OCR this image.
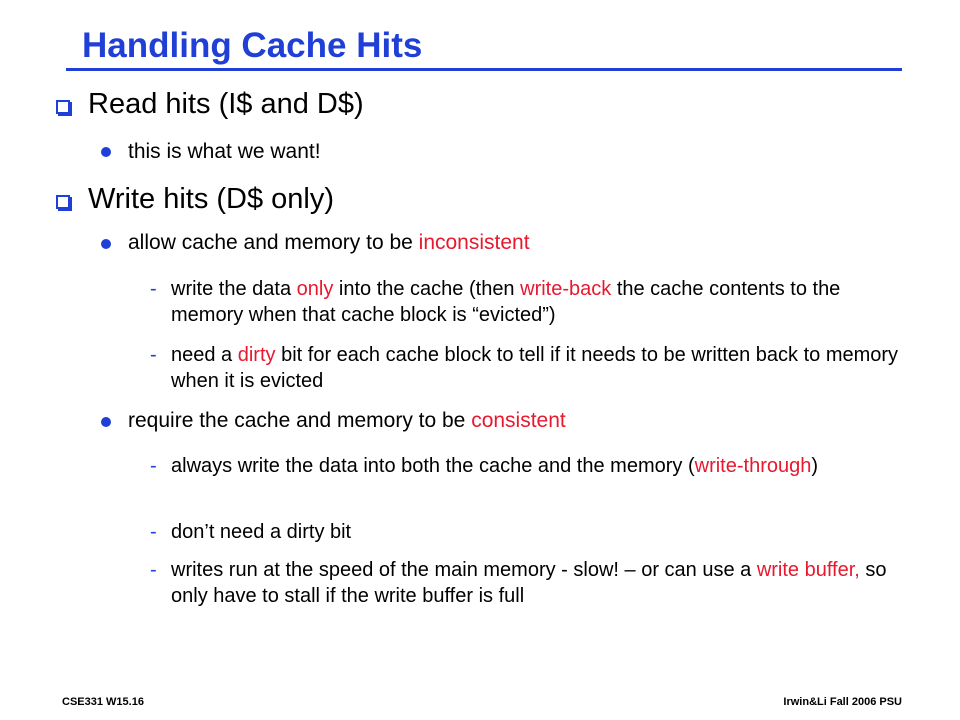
Handling Cache Hits
Read hits (I$ and D$)
this is what we want!
Write hits (D$ only)
allow cache and memory to be inconsistent
- write the data only into the cache (then write-back the cache contents to the memory when that cache block is “evicted”)
- need a dirty bit for each cache block to tell if it needs to be written back to memory when it is evicted
require the cache and memory to be consistent
- always write the data into both the cache and the memory (write-through)
- don’t need a dirty bit
- writes run at the speed of the main memory - slow! – or can use a write buffer, so only have to stall if the write buffer is full
CSE331 W15.16	Irwin&Li Fall 2006 PSU
